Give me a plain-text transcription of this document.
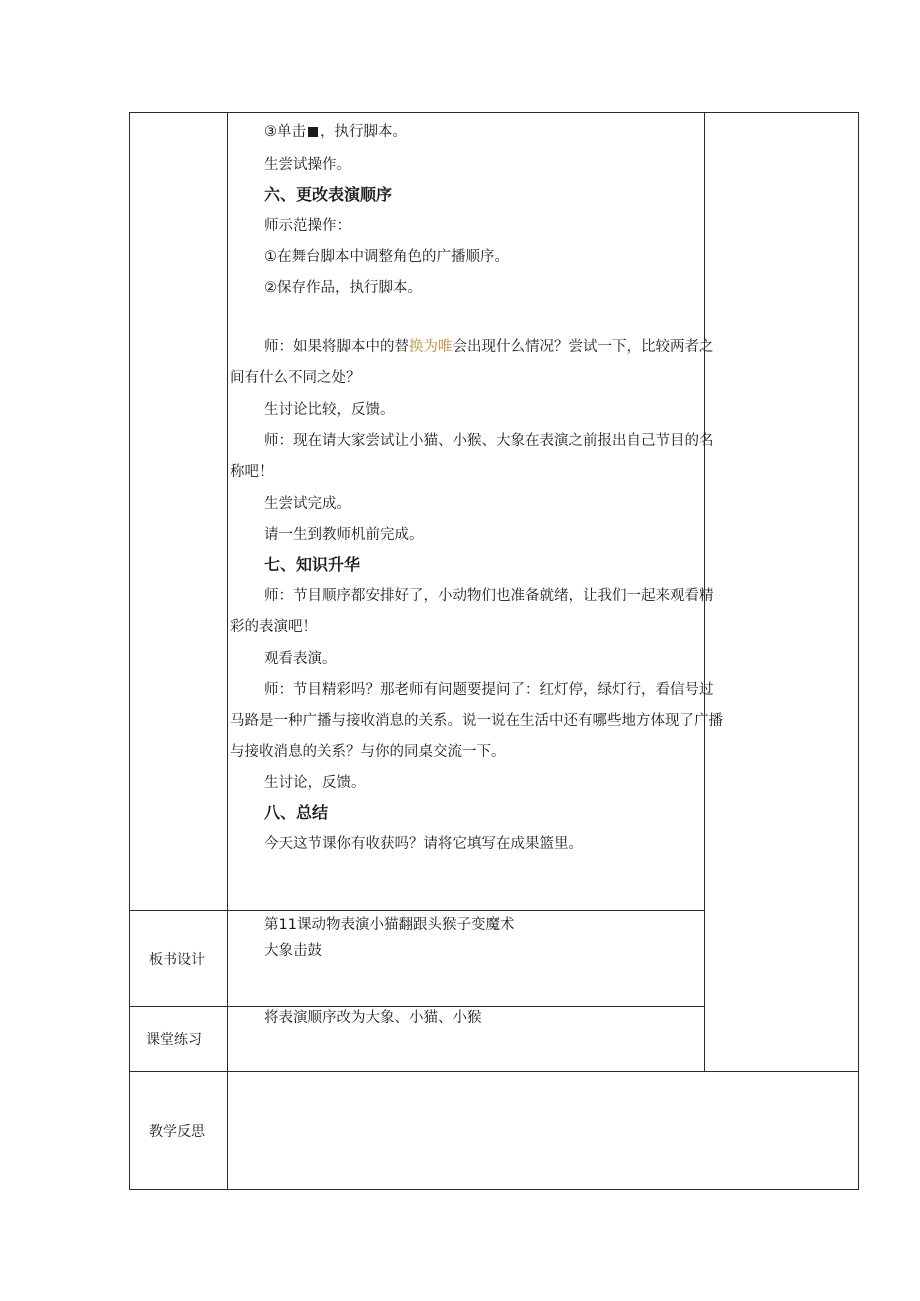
③单击 ，执行脚本。
生尝试操作。
六、更改表演顺序
师示范操作：
①在舞台脚本中调整角色的广播顺序。
②保存作品，执行脚本。
师：如果将脚本中的替换为唯会出现什么情况？尝试一下，比较两者之
间有什么不同之处？
生讨论比较，反馈。
师：现在请大家尝试让小猫、小猴、大象在表演之前报出自己节目的名
称吧！
生尝试完成。
请一生到教师机前完成。
七、知识升华
师：节目顺序都安排好了，小动物们也准备就绪，让我们一起来观看精
彩的表演吧！
观看表演。
师：节目精彩吗？那老师有问题要提问了：红灯停，绿灯行，看信号过
马路是一种广播与接收消息的关系。说一说在生活中还有哪些地方体现了广播
与接收消息的关系？与你的同桌交流一下。
生讨论，反馈。
八、总结
今天这节课你有收获吗？请将它填写在成果篮里。
板书设计
第11课动物表演小猫翻跟头猴子变魔术
大象击鼓
课堂练习
将表演顺序改为大象、小猫、小猴
教学反思
